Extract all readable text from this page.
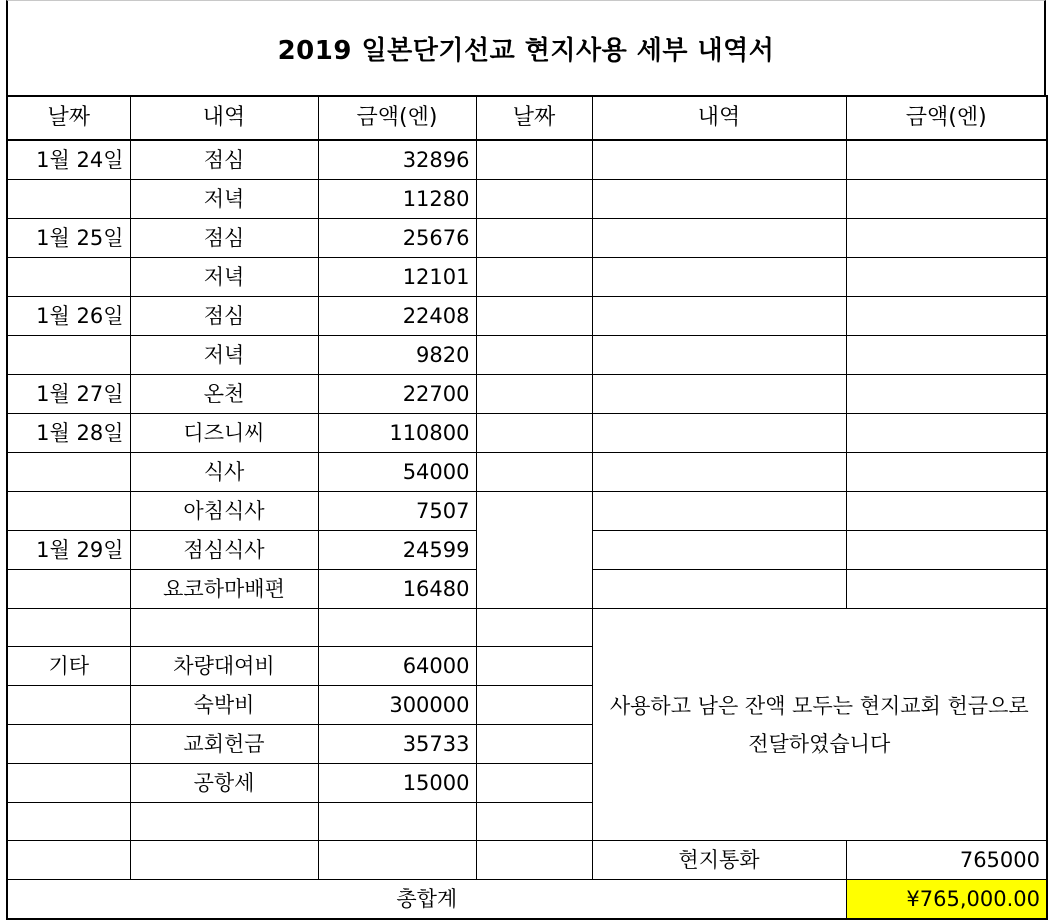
2019 일본단기선교 현지사용 세부 내역서
날짜	내역	금액(엔)	날짜	내역	금액(엔)
1월 24일	점심	32896			
	저녁	11280			
1월 25일	점심	25676			
	저녁	12101			
1월 26일	점심	22408			
	저녁	9820			
1월 27일	온천	22700			
1월 28일	디즈니씨	110800			
	식사	54000			
	아침식사	7507			
1월 29일	점심식사	24599			
	요코하마배편	16480			
				사용하고 남은 잔액 모두는 현지교회 헌금으로 전달하였습니다	
기타	차량대여비	64000			
	숙박비	300000			
	교회헌금	35733			
	공항세	15000			

				현지통화	765000
총합계					¥765,000.00
